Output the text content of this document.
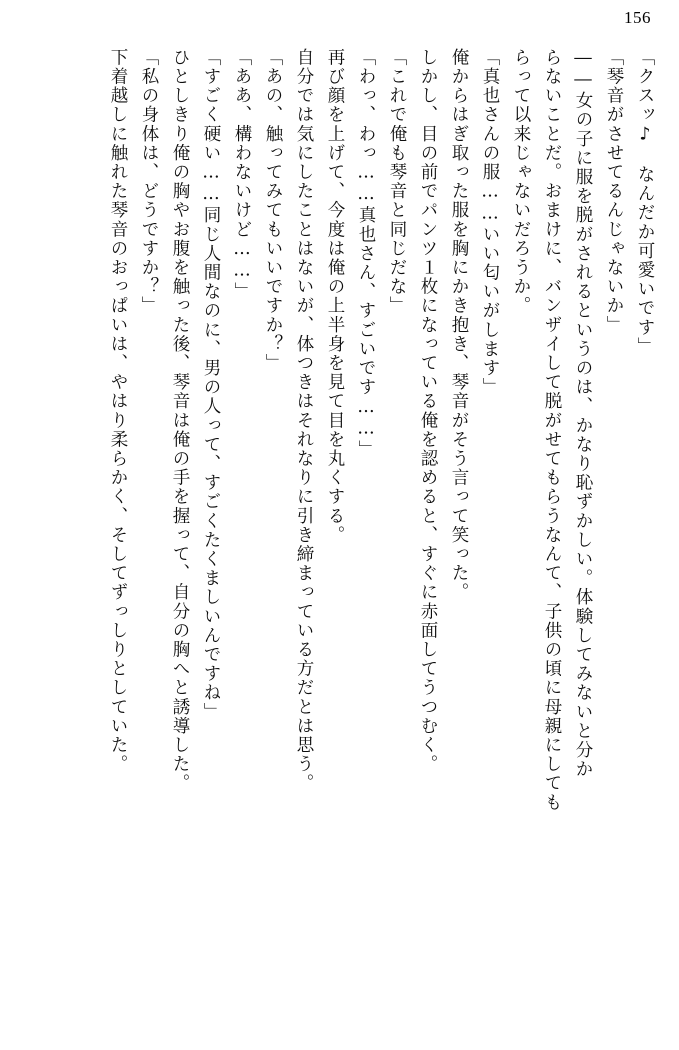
156
「クスッ♪　なんだか可愛いです」
「琴音がさせてるんじゃないか」
――女の子に服を脱がされるというのは、かなり恥ずかしい。体験してみないと分か
らないことだ。おまけに、バンザイして脱がせてもらうなんて、子供の頃に母親にしても
らって以来じゃないだろうか。
「真也さんの服……いい匂いがします」
俺からはぎ取った服を胸にかき抱き、琴音がそう言って笑った。
しかし、目の前でパンツ１枚になっている俺を認めると、すぐに赤面してうつむく。
「これで俺も琴音と同じだな」
「わっ、わっ……真也さん、すごいです……」
再び顔を上げて、今度は俺の上半身を見て目を丸くする。
自分では気にしたことはないが、体つきはそれなりに引き締まっている方だとは思う。
「あの、触ってみてもいいですか？」
「ああ、構わないけど……」
「すごく硬い……同じ人間なのに、男の人って、すごくたくましいんですね」
ひとしきり俺の胸やお腹を触った後、琴音は俺の手を握って、自分の胸へと誘導した。
「私の身体は、どうですか？」
下着越しに触れた琴音のおっぱいは、やはり柔らかく、そしてずっしりとしていた。
